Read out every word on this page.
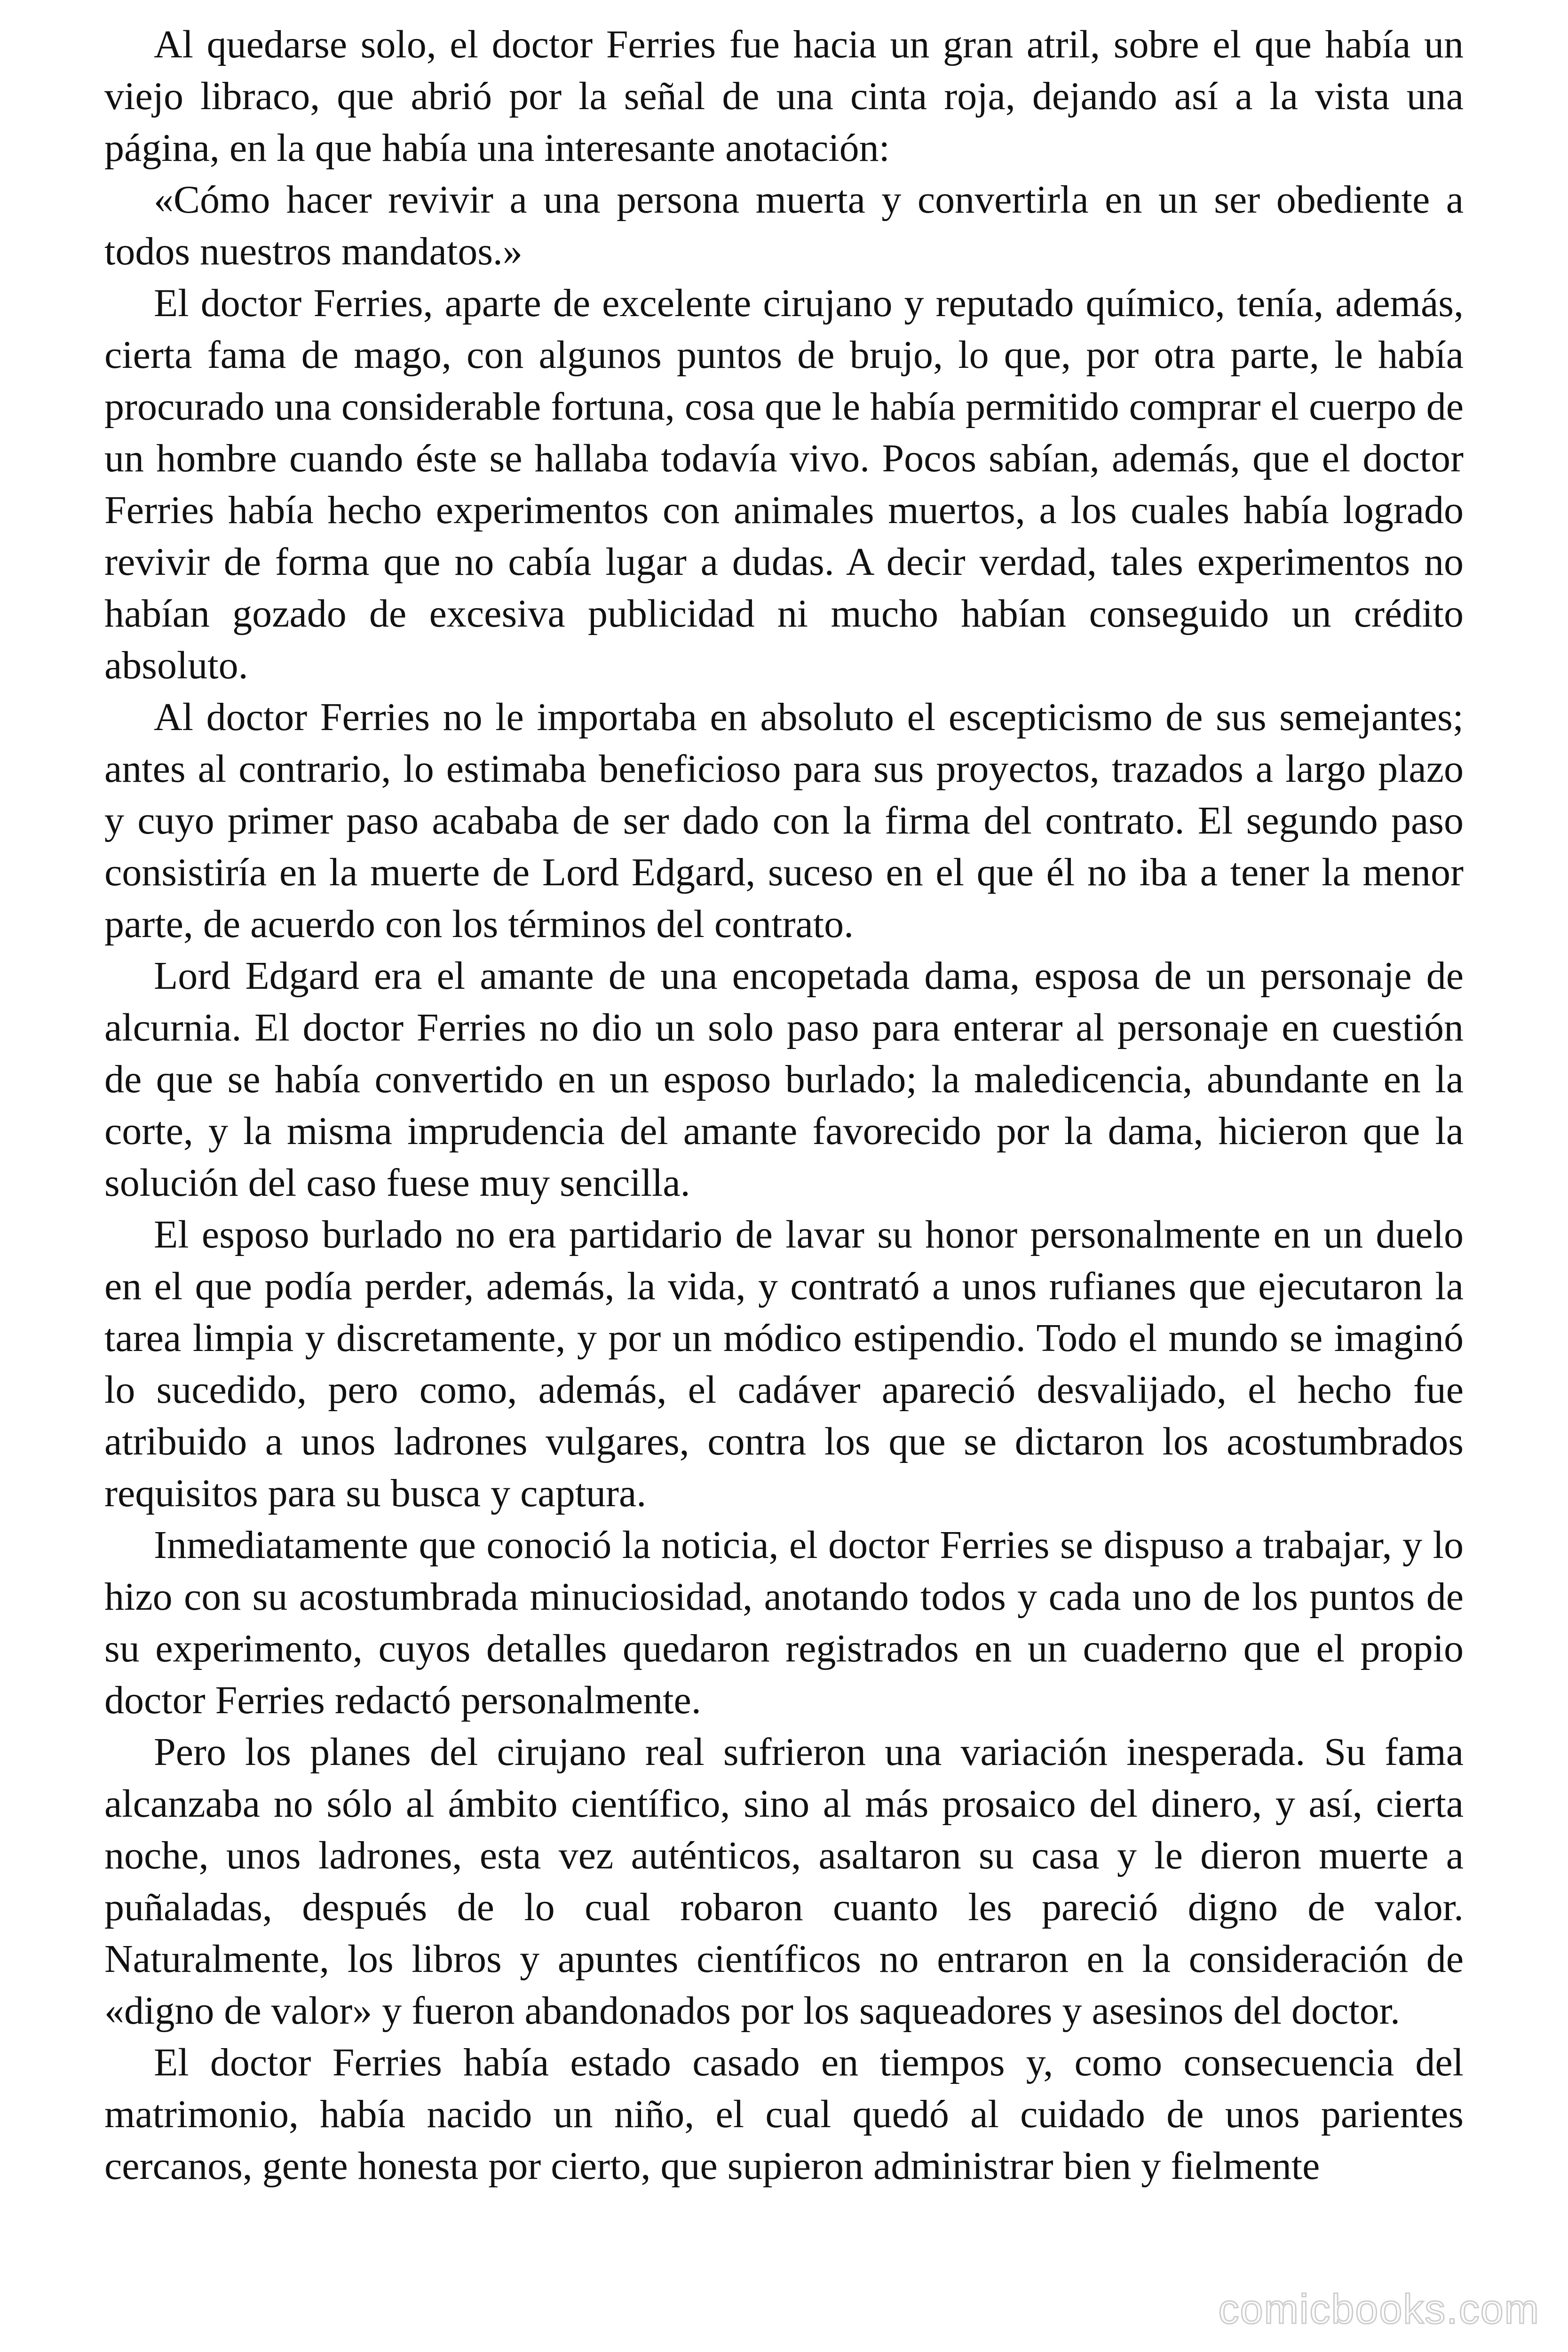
Al quedarse solo, el doctor Ferries fue hacia un gran atril, sobre el que había un viejo libraco, que abrió por la señal de una cinta roja, dejando así a la vista una página, en la que había una interesante anotación:

«Cómo hacer revivir a una persona muerta y convertirla en un ser obediente a todos nuestros mandatos.»

El doctor Ferries, aparte de excelente cirujano y reputado químico, tenía, además, cierta fama de mago, con algunos puntos de brujo, lo que, por otra parte, le había procurado una considerable fortuna, cosa que le había permitido comprar el cuerpo de un hombre cuando éste se hallaba todavía vivo. Pocos sabían, además, que el doctor Ferries había hecho experimentos con animales muertos, a los cuales había logrado revivir de forma que no cabía lugar a dudas. A decir verdad, tales experimentos no habían gozado de excesiva publicidad ni mucho habían conseguido un crédito absoluto.

Al doctor Ferries no le importaba en absoluto el escepticismo de sus semejantes; antes al contrario, lo estimaba beneficioso para sus proyectos, trazados a largo plazo y cuyo primer paso acababa de ser dado con la firma del contrato. El segundo paso consistiría en la muerte de Lord Edgard, suceso en el que él no iba a tener la menor parte, de acuerdo con los términos del contrato.

Lord Edgard era el amante de una encopetada dama, esposa de un personaje de alcurnia. El doctor Ferries no dio un solo paso para enterar al personaje en cuestión de que se había convertido en un esposo burlado; la maledicencia, abundante en la corte, y la misma imprudencia del amante favorecido por la dama, hicieron que la solución del caso fuese muy sencilla.

El esposo burlado no era partidario de lavar su honor personalmente en un duelo en el que podía perder, además, la vida, y contrató a unos rufianes que ejecutaron la tarea limpia y discretamente, y por un módico estipendio. Todo el mundo se imaginó lo sucedido, pero como, además, el cadáver apareció desvalijado, el hecho fue atribuido a unos ladrones vulgares, contra los que se dictaron los acostumbrados requisitos para su busca y captura.

Inmediatamente que conoció la noticia, el doctor Ferries se dispuso a trabajar, y lo hizo con su acostumbrada minuciosidad, anotando todos y cada uno de los puntos de su experimento, cuyos detalles quedaron registrados en un cuaderno que el propio doctor Ferries redactó personalmente.

Pero los planes del cirujano real sufrieron una variación inesperada. Su fama alcanzaba no sólo al ámbito científico, sino al más prosaico del dinero, y así, cierta noche, unos ladrones, esta vez auténticos, asaltaron su casa y le dieron muerte a puñaladas, después de lo cual robaron cuanto les pareció digno de valor. Naturalmente, los libros y apuntes científicos no entraron en la consideración de «digno de valor» y fueron abandonados por los saqueadores y asesinos del doctor.

El doctor Ferries había estado casado en tiempos y, como consecuencia del matrimonio, había nacido un niño, el cual quedó al cuidado de unos parientes cercanos, gente honesta por cierto, que supieron administrar bien y fielmente

comicbooks.com
